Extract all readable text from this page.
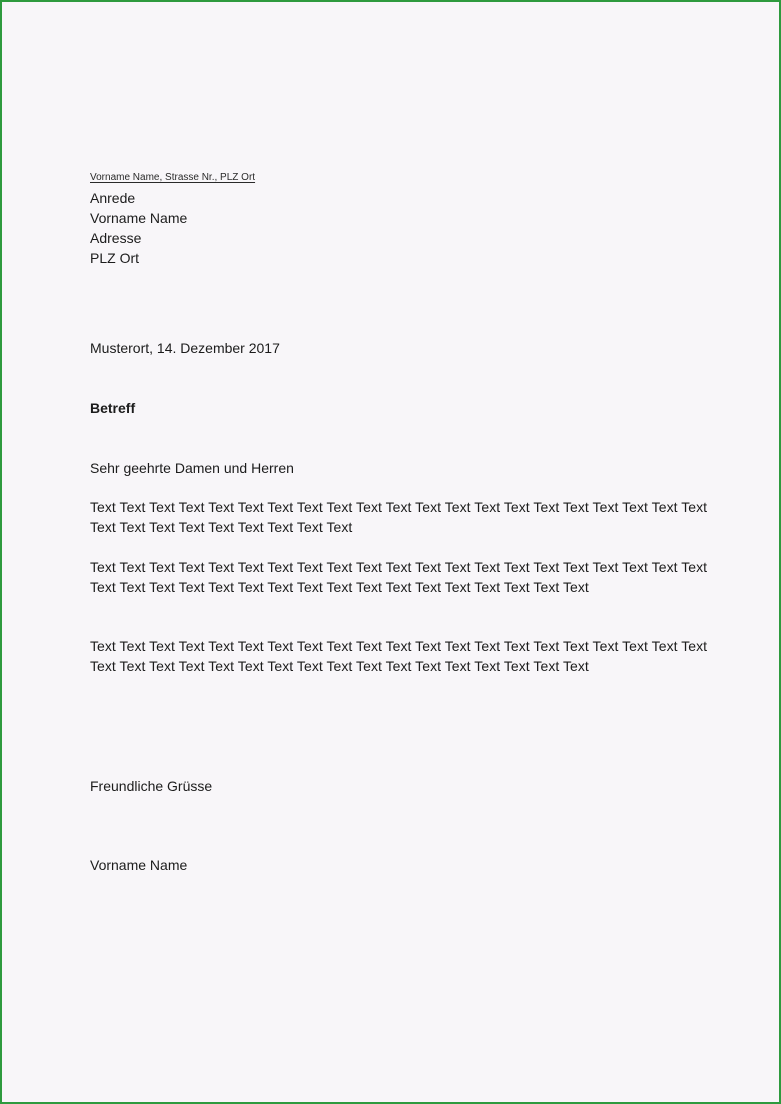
Vorname Name, Strasse Nr., PLZ Ort
Anrede
Vorname Name
Adresse
PLZ Ort
Musterort, 14. Dezember 2017
Betreff
Sehr geehrte Damen und Herren
Text Text Text Text Text Text Text Text Text Text Text Text Text Text Text Text Text Text Text Text Text Text Text Text Text Text Text Text Text Text
Text Text Text Text Text Text Text Text Text Text Text Text Text Text Text Text Text Text Text Text Text Text Text Text Text Text Text Text Text Text Text Text Text Text Text Text Text Text
Text Text Text Text Text Text Text Text Text Text Text Text Text Text Text Text Text Text Text Text Text Text Text Text Text Text Text Text Text Text Text Text Text Text Text Text Text Text
Freundliche Grüsse
Vorname Name
